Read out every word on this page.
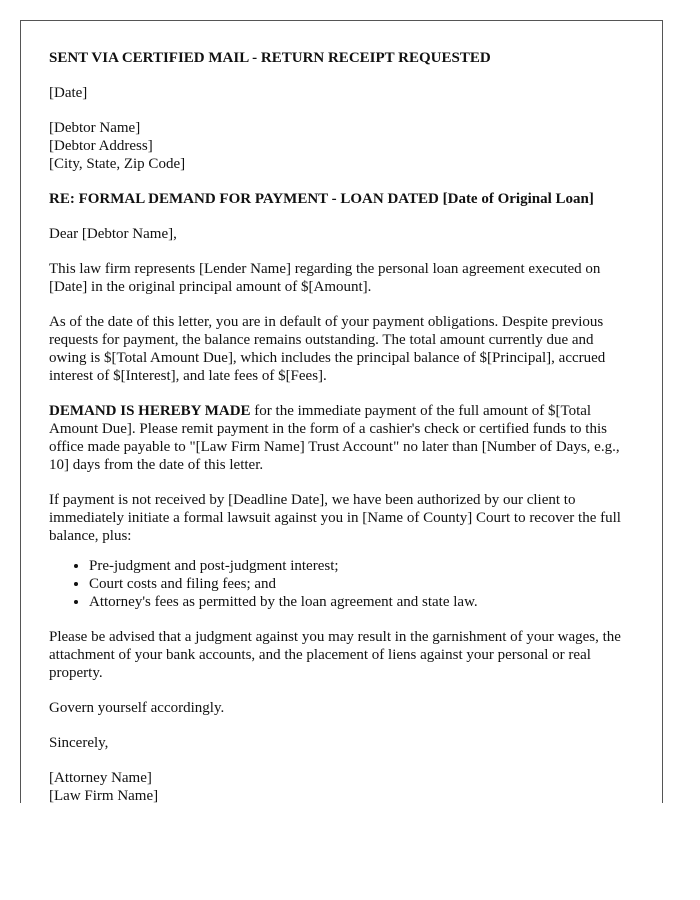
SENT VIA CERTIFIED MAIL - RETURN RECEIPT REQUESTED

[Date]

[Debtor Name]
[Debtor Address]
[City, State, Zip Code]

RE: FORMAL DEMAND FOR PAYMENT - LOAN DATED [Date of Original Loan]

Dear [Debtor Name],

This law firm represents [Lender Name] regarding the personal loan agreement executed on [Date] in the original principal amount of $[Amount].

As of the date of this letter, you are in default of your payment obligations. Despite previous requests for payment, the balance remains outstanding. The total amount currently due and owing is $[Total Amount Due], which includes the principal balance of $[Principal], accrued interest of $[Interest], and late fees of $[Fees].

DEMAND IS HEREBY MADE for the immediate payment of the full amount of $[Total Amount Due]. Please remit payment in the form of a cashier's check or certified funds to this office made payable to "[Law Firm Name] Trust Account" no later than [Number of Days, e.g., 10] days from the date of this letter.

If payment is not received by [Deadline Date], we have been authorized by our client to immediately initiate a formal lawsuit against you in [Name of County] Court to recover the full balance, plus:

• Pre-judgment and post-judgment interest;
• Court costs and filing fees; and
• Attorney's fees as permitted by the loan agreement and state law.

Please be advised that a judgment against you may result in the garnishment of your wages, the attachment of your bank accounts, and the placement of liens against your personal or real property.

Govern yourself accordingly.

Sincerely,

[Attorney Name]
[Law Firm Name]
